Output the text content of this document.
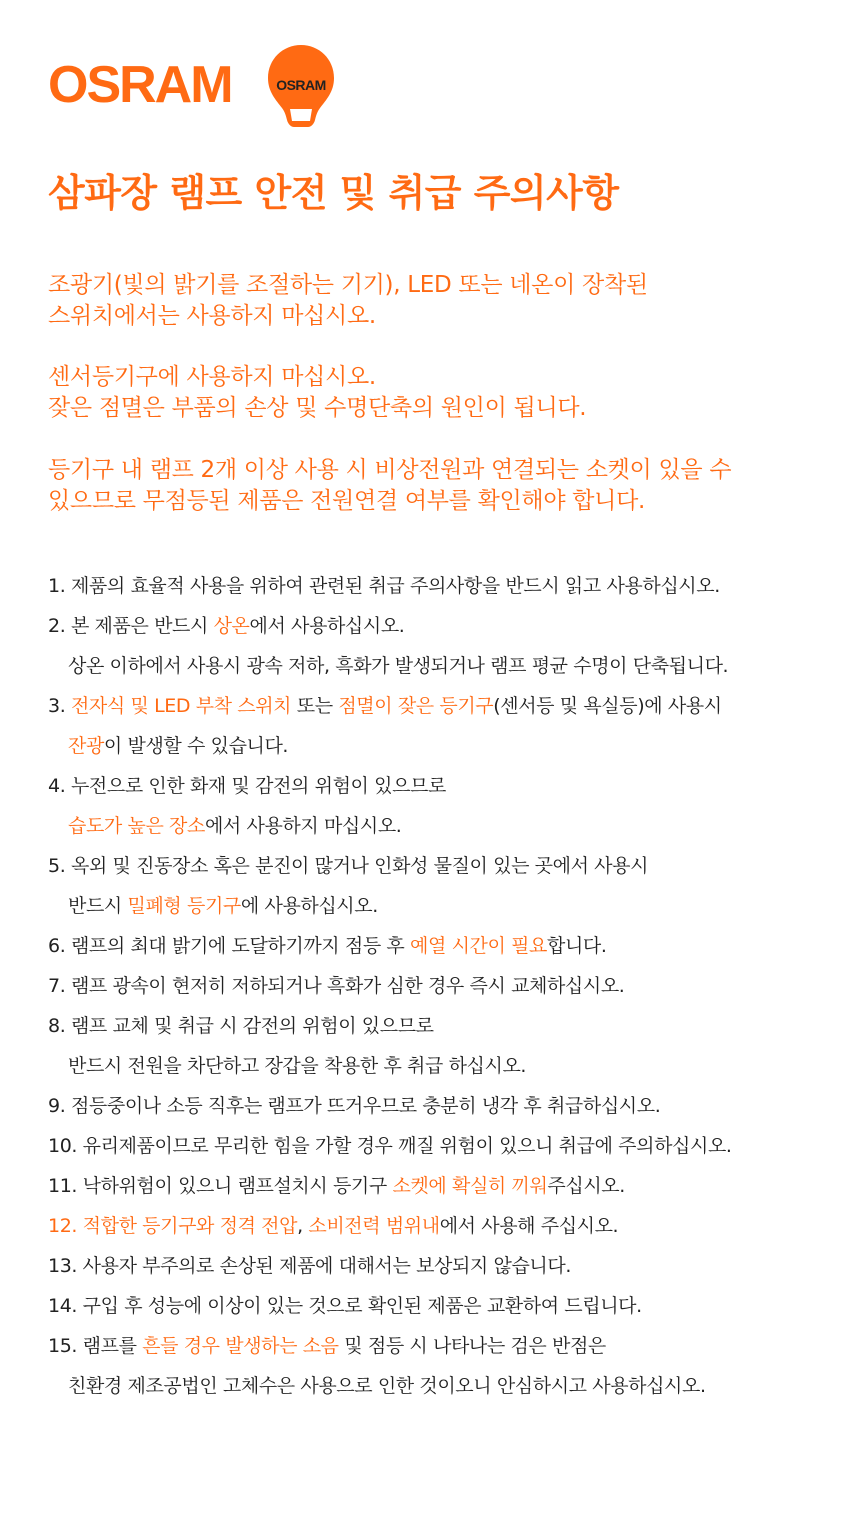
OSRAM	OSRAM
삼파장 램프 안전 및 취급 주의사항
조광기(빛의 밝기를 조절하는 기기), LED 또는 네온이 장착된
스위치에서는 사용하지 마십시오.
센서등기구에 사용하지 마십시오.
잦은 점멸은 부품의 손상 및 수명단축의 원인이 됩니다.
등기구 내 램프 2개 이상 사용 시 비상전원과 연결되는 소켓이 있을 수
있으므로 무점등된 제품은 전원연결 여부를 확인해야 합니다.
1. 제품의 효율적 사용을 위하여 관련된 취급 주의사항을 반드시 읽고 사용하십시오.
2. 본 제품은 반드시 상온에서 사용하십시오.
상온 이하에서 사용시 광속 저하, 흑화가 발생되거나 램프 평균 수명이 단축됩니다.
3. 전자식 및 LED 부착 스위치 또는 점멸이 잦은 등기구(센서등 및 욕실등)에 사용시
잔광이 발생할 수 있습니다.
4. 누전으로 인한 화재 및 감전의 위험이 있으므로
습도가 높은 장소에서 사용하지 마십시오.
5. 옥외 및 진동장소 혹은 분진이 많거나 인화성 물질이 있는 곳에서 사용시
반드시 밀폐형 등기구에 사용하십시오.
6. 램프의 최대 밝기에 도달하기까지 점등 후 예열 시간이 필요합니다.
7. 램프 광속이 현저히 저하되거나 흑화가 심한 경우 즉시 교체하십시오.
8. 램프 교체 및 취급 시 감전의 위험이 있으므로
반드시 전원을 차단하고 장갑을 착용한 후 취급 하십시오.
9. 점등중이나 소등 직후는 램프가 뜨거우므로 충분히 냉각 후 취급하십시오.
10. 유리제품이므로 무리한 힘을 가할 경우 깨질 위험이 있으니 취급에 주의하십시오.
11. 낙하위험이 있으니 램프설치시 등기구 소켓에 확실히 끼워주십시오.
12. 적합한 등기구와 정격 전압, 소비전력 범위내에서 사용해 주십시오.
13. 사용자 부주의로 손상된 제품에 대해서는 보상되지 않습니다.
14. 구입 후 성능에 이상이 있는 것으로 확인된 제품은 교환하여 드립니다.
15. 램프를 흔들 경우 발생하는 소음 및 점등 시 나타나는 검은 반점은
친환경 제조공법인 고체수은 사용으로 인한 것이오니 안심하시고 사용하십시오.
